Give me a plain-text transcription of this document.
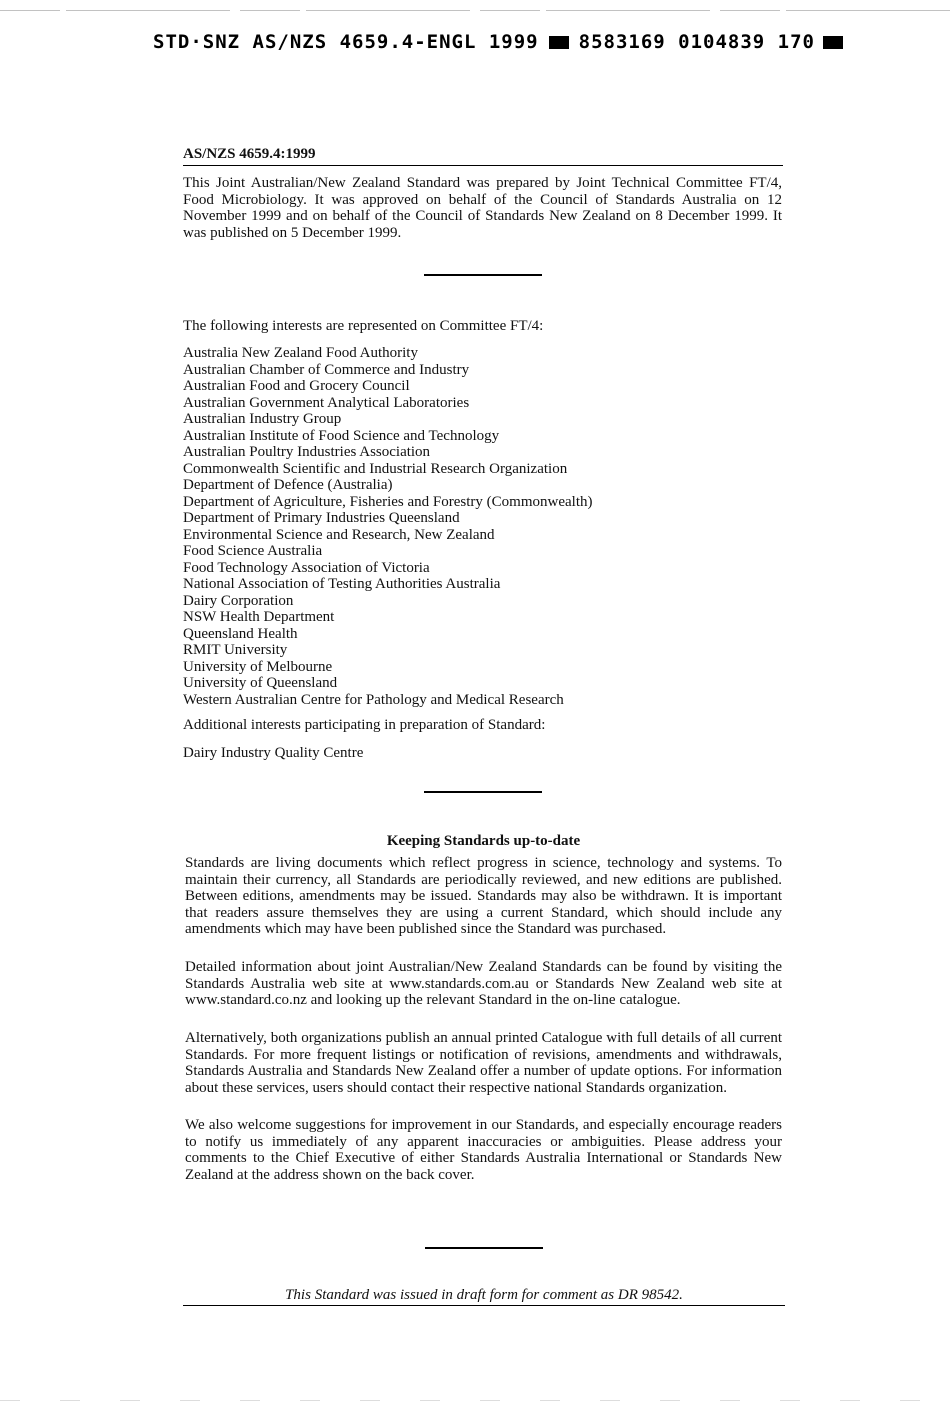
STD·SNZ AS/NZS 4659.4-ENGL 1999 8583169 0104839 170
AS/NZS 4659.4:1999

This Joint Australian/New Zealand Standard was prepared by Joint Technical Committee FT/4, Food Microbiology. It was approved on behalf of the Council of Standards Australia on 12 November 1999 and on behalf of the Council of Standards New Zealand on 8 December 1999. It was published on 5 December 1999.

The following interests are represented on Committee FT/4:
Australia New Zealand Food Authority
Australian Chamber of Commerce and Industry
Australian Food and Grocery Council
Australian Government Analytical Laboratories
Australian Industry Group
Australian Institute of Food Science and Technology
Australian Poultry Industries Association
Commonwealth Scientific and Industrial Research Organization
Department of Defence (Australia)
Department of Agriculture, Fisheries and Forestry (Commonwealth)
Department of Primary Industries Queensland
Environmental Science and Research, New Zealand
Food Science Australia
Food Technology Association of Victoria
National Association of Testing Authorities Australia
Dairy Corporation
NSW Health Department
Queensland Health
RMIT University
University of Melbourne
University of Queensland
Western Australian Centre for Pathology and Medical Research
Additional interests participating in preparation of Standard:
Dairy Industry Quality Centre
Keeping Standards up-to-date

Standards are living documents which reflect progress in science, technology and systems. To maintain their currency, all Standards are periodically reviewed, and new editions are published. Between editions, amendments may be issued. Standards may also be withdrawn. It is important that readers assure themselves they are using a current Standard, which should include any amendments which may have been published since the Standard was purchased.

Detailed information about joint Australian/New Zealand Standards can be found by visiting the Standards Australia web site at www.standards.com.au or Standards New Zealand web site at www.standard.co.nz and looking up the relevant Standard in the on-line catalogue.

Alternatively, both organizations publish an annual printed Catalogue with full details of all current Standards. For more frequent listings or notification of revisions, amendments and withdrawals, Standards Australia and Standards New Zealand offer a number of update options. For information about these services, users should contact their respective national Standards organization.

We also welcome suggestions for improvement in our Standards, and especially encourage readers to notify us immediately of any apparent inaccuracies or ambiguities. Please address your comments to the Chief Executive of either Standards Australia International or Standards New Zealand at the address shown on the back cover.

This Standard was issued in draft form for comment as DR 98542.
